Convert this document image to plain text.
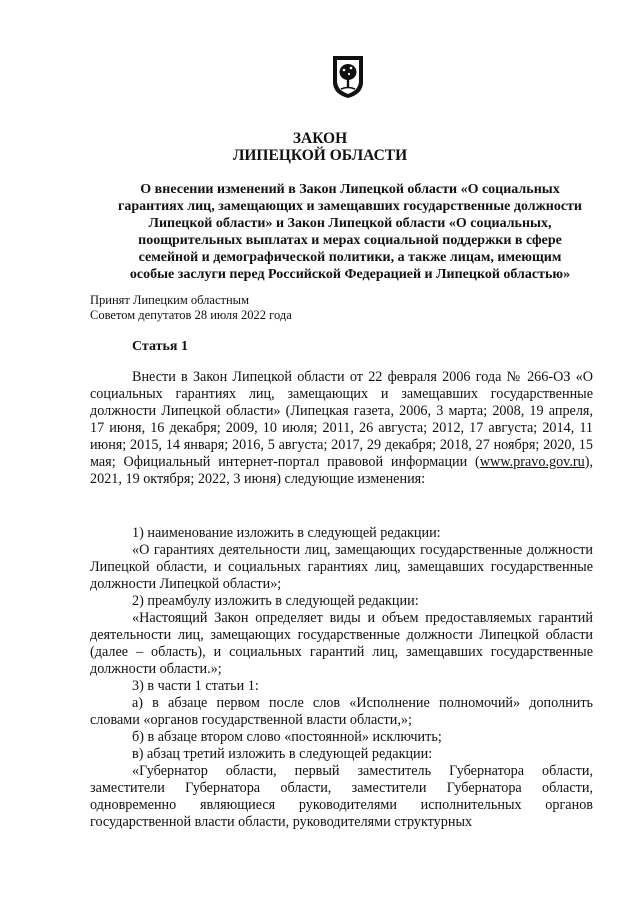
ЗАКОН
ЛИПЕЦКОЙ ОБЛАСТИ
О внесении изменений в Закон Липецкой области «О социальных
гарантиях лиц, замещающих и замещавших государственные должности
Липецкой области» и Закон Липецкой области «О социальных,
поощрительных выплатах и мерах социальной поддержки в сфере
семейной и демографической политики, а также лицам, имеющим
особые заслуги перед Российской Федерацией и Липецкой областью»
Принят Липецким областным
Советом депутатов 28 июля 2022 года
Статья 1

Внести в Закон Липецкой области от 22 февраля 2006 года № 266-ОЗ «О социальных гарантиях лиц, замещающих и замещавших государственные должности Липецкой области» (Липецкая газета, 2006, 3 марта; 2008, 19 апреля, 17 июня, 16 декабря; 2009, 10 июля; 2011, 26 августа; 2012, 17 августа; 2014, 11 июня; 2015, 14 января; 2016, 5 августа; 2017, 29 декабря; 2018, 27 ноября; 2020, 15 мая; Официальный интернет-портал правовой информации (www.pravo.gov.ru), 2021, 19 октября; 2022, 3 июня) следующие изменения:

1) наименование изложить в следующей редакции:

«О гарантиях деятельности лиц, замещающих государственные должности Липецкой области, и социальных гарантиях лиц, замещавших государственные должности Липецкой области»;

2) преамбулу изложить в следующей редакции:

«Настоящий Закон определяет виды и объем предоставляемых гарантий деятельности лиц, замещающих государственные должности Липецкой области (далее – область), и социальных гарантий лиц, замещавших государственные должности области.»;

3) в части 1 статьи 1:

а) в абзаце первом после слов «Исполнение полномочий» дополнить словами «органов государственной власти области,»;

б) в абзаце втором слово «постоянной» исключить;

в) абзац третий изложить в следующей редакции:

«Губернатор области, первый заместитель Губернатора области, заместители Губернатора области, заместители Губернатора области, одновременно являющиеся руководителями исполнительных органов государственной власти области, руководителями структурных
